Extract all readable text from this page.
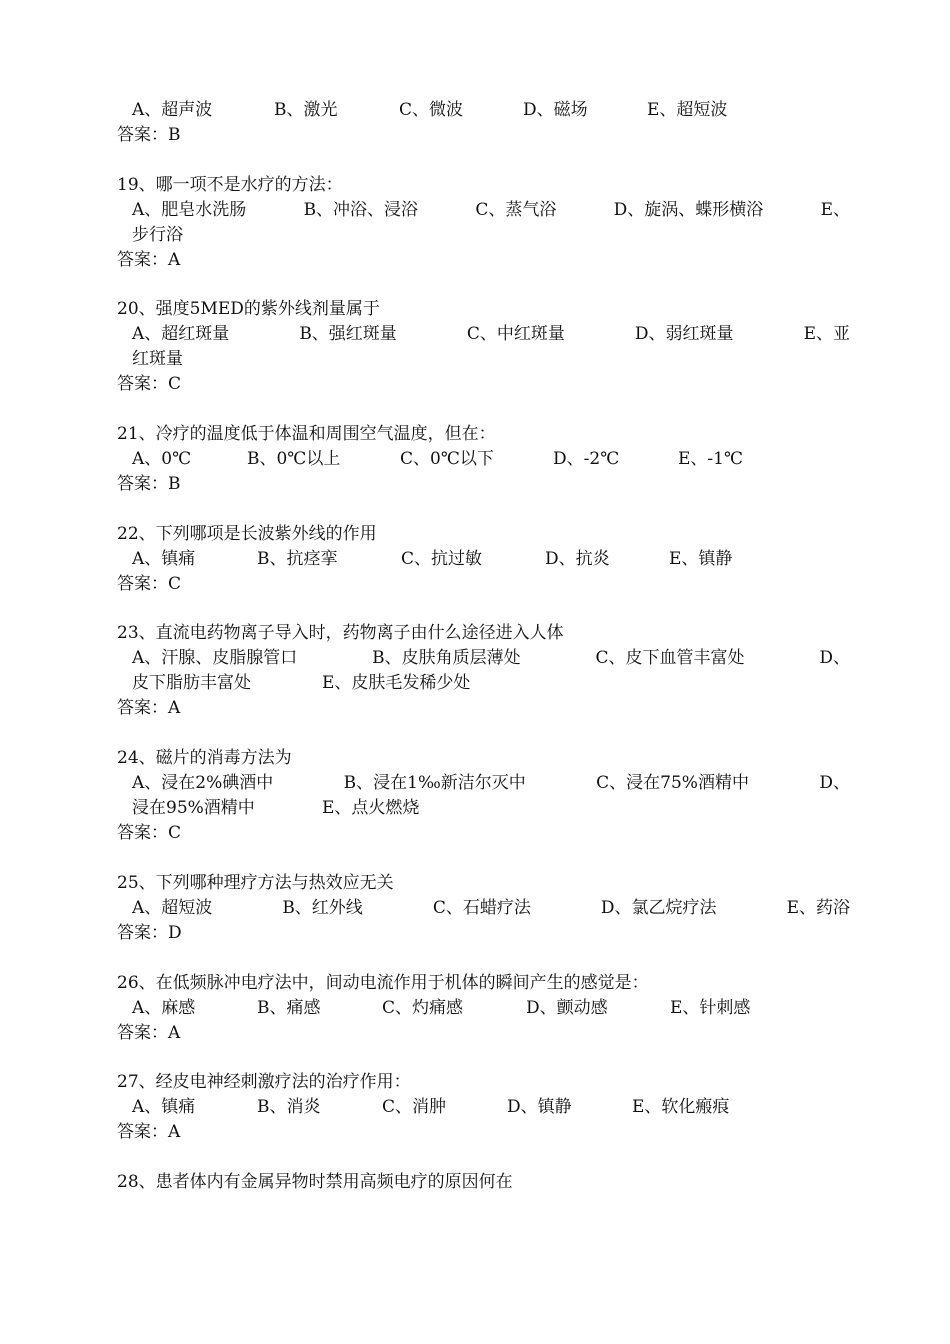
A、超声波	B、激光	C、微波	D、磁场	E、超短波
答案：B
19、哪一项不是水疗的方法：
A、肥皂水洗肠	B、冲浴、浸浴	C、蒸气浴	D、旋涡、蝶形横浴	E、
步行浴
答案：A
20、强度5MED的紫外线剂量属于
A、超红斑量	B、强红斑量	C、中红斑量	D、弱红斑量	E、亚
红斑量
答案：C
21、冷疗的温度低于体温和周围空气温度，但在：
A、0℃	B、0℃以上	C、0℃以下	D、-2℃	E、-1℃
答案：B
22、下列哪项是长波紫外线的作用
A、镇痛	B、抗痉挛	C、抗过敏	D、抗炎	E、镇静
答案：C
23、直流电药物离子导入时，药物离子由什么途径进入人体
A、汗腺、皮脂腺管口	B、皮肤角质层薄处	C、皮下血管丰富处	D、
皮下脂肪丰富处	E、皮肤毛发稀少处
答案：A
24、磁片的消毒方法为
A、浸在2%碘酒中	B、浸在1‰新洁尔灭中	C、浸在75%酒精中	D、
浸在95%酒精中	E、点火燃烧
答案：C
25、下列哪种理疗方法与热效应无关
A、超短波	B、红外线	C、石蜡疗法	D、氯乙烷疗法	E、药浴
答案：D
26、在低频脉冲电疗法中，间动电流作用于机体的瞬间产生的感觉是：
A、麻感	B、痛感	C、灼痛感	D、颤动感	E、针刺感
答案：A
27、经皮电神经刺激疗法的治疗作用：
A、镇痛	B、消炎	C、消肿	D、镇静	E、软化瘢痕
答案：A
28、患者体内有金属异物时禁用高频电疗的原因何在
